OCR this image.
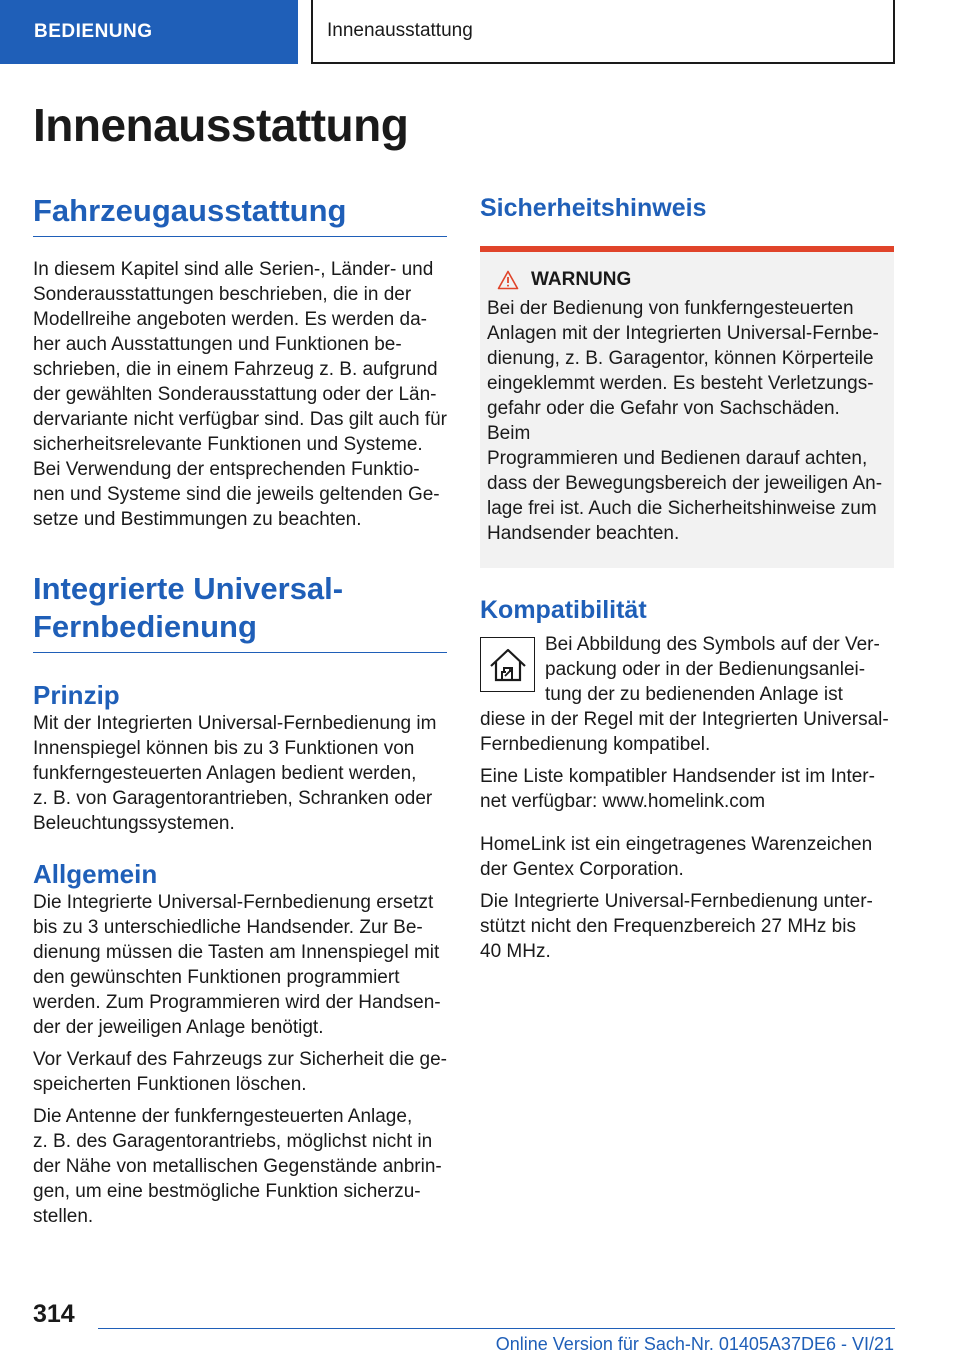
BEDIENUNG	Innenausstattung
Innenausstattung
Fahrzeugausstattung

In diesem Kapitel sind alle Serien-, Länder- und

Sonderausstattungen beschrieben, die in der

Modellreihe angeboten werden. Es werden da-

her auch Ausstattungen und Funktionen be-

schrieben, die in einem Fahrzeug z. B. aufgrund

der gewählten Sonderausstattung oder der Län-

dervariante nicht verfügbar sind. Das gilt auch für

sicherheitsrelevante Funktionen und Systeme.

Bei Verwendung der entsprechenden Funktio-

nen und Systeme sind die jeweils geltenden Ge-

setze und Bestimmungen zu beachten.

Integrierte Universal-
Fernbedienung
Prinzip

Mit der Integrierten Universal-Fernbedienung im

Innenspiegel können bis zu 3 Funktionen von

funkferngesteuerten Anlagen bedient werden,

z. B. von Garagentorantrieben, Schranken oder

Beleuchtungssystemen.

Allgemein

Die Integrierte Universal-Fernbedienung ersetzt

bis zu 3 unterschiedliche Handsender. Zur Be-

dienung müssen die Tasten am Innenspiegel mit

den gewünschten Funktionen programmiert

werden. Zum Programmieren wird der Handsen-

der der jeweiligen Anlage benötigt.

Vor Verkauf des Fahrzeugs zur Sicherheit die ge-

speicherten Funktionen löschen.

Die Antenne der funkferngesteuerten Anlage,

z. B. des Garagentorantriebs, möglichst nicht in

der Nähe von metallischen Gegenstände anbrin-

gen, um eine bestmögliche Funktion sicherzu-

stellen.

Sicherheitshinweis
WARNUNG

Bei der Bedienung von funkferngesteuerten

Anlagen mit der Integrierten Universal-Fernbe-

dienung, z. B. Garagentor, können Körperteile

eingeklemmt werden. Es besteht Verletzungs-

gefahr oder die Gefahr von Sachschäden. Beim

Programmieren und Bedienen darauf achten,

dass der Bewegungsbereich der jeweiligen An-

lage frei ist. Auch die Sicherheitshinweise zum

Handsender beachten.

Kompatibilität

Bei Abbildung des Symbols auf der Ver-

packung oder in der Bedienungsanlei-

tung der zu bedienenden Anlage ist

diese in der Regel mit der Integrierten Universal-

Fernbedienung kompatibel.

Eine Liste kompatibler Handsender ist im Inter-

net verfügbar: www.homelink.com

HomeLink ist ein eingetragenes Warenzeichen

der Gentex Corporation.

Die Integrierte Universal-Fernbedienung unter-

stützt nicht den Frequenzbereich 27 MHz bis

40 MHz.

314
Online Version für Sach-Nr. 01405A37DE6 - VI/21
